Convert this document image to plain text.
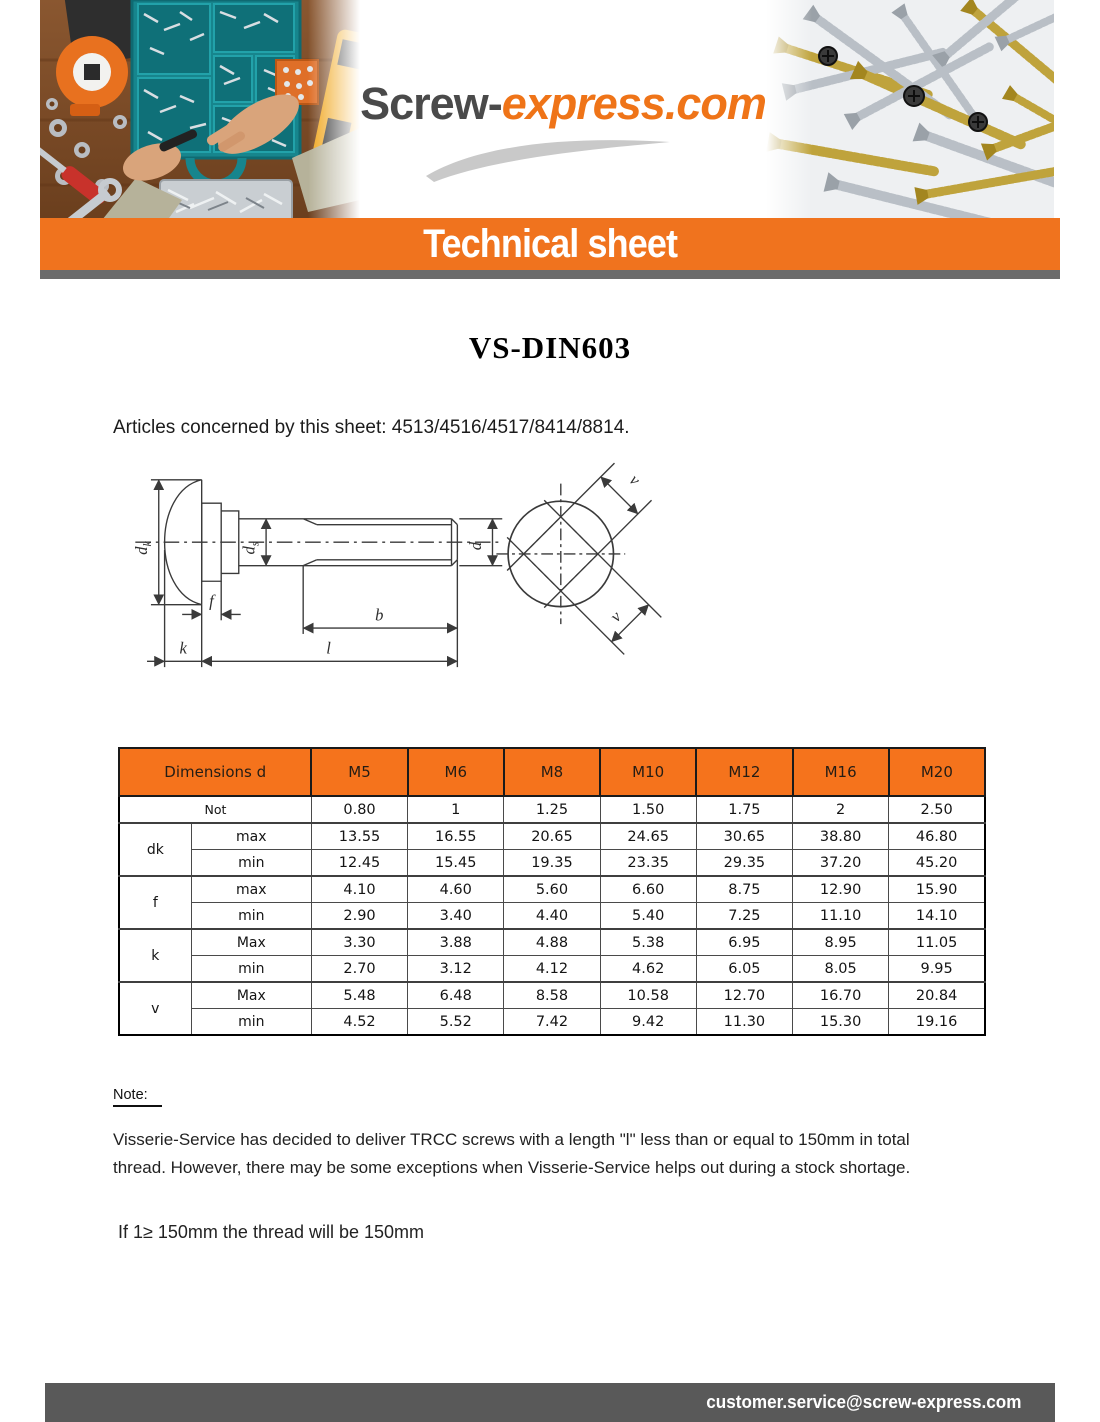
Screw-express.com
Technical sheet
VS-DIN603

Articles concerned by this sheet: 4513/4516/4517/8414/8814.

$d_k$
$d_s$	d
f
b
k	l
v
v
Dimensions d		M5	M6	M8	M10	M12	M16	M20
Not		0.80	1	1.25	1.50	1.75	2	2.50
dk	max	13.55	16.55	20.65	24.65	30.65	38.80	46.80
	min	12.45	15.45	19.35	23.35	29.35	37.20	45.20
f	max	4.10	4.60	5.60	6.60	8.75	12.90	15.90
	min	2.90	3.40	4.40	5.40	7.25	11.10	14.10
k	Max	3.30	3.88	4.88	5.38	6.95	8.95	11.05
	min	2.70	3.12	4.12	4.62	6.05	8.05	9.95
v	Max	5.48	6.48	8.58	10.58	12.70	16.70	20.84
	min	4.52	5.52	7.42	9.42	11.30	15.30	19.16
Note:

Visserie-Service has decided to deliver TRCC screws with a length "l" less than or equal to 150mm in total thread. However, there may be some exceptions when Visserie-Service helps out during a stock shortage.

If 1≥ 150mm the thread will be 150mm

customer.service@screw-express.com
